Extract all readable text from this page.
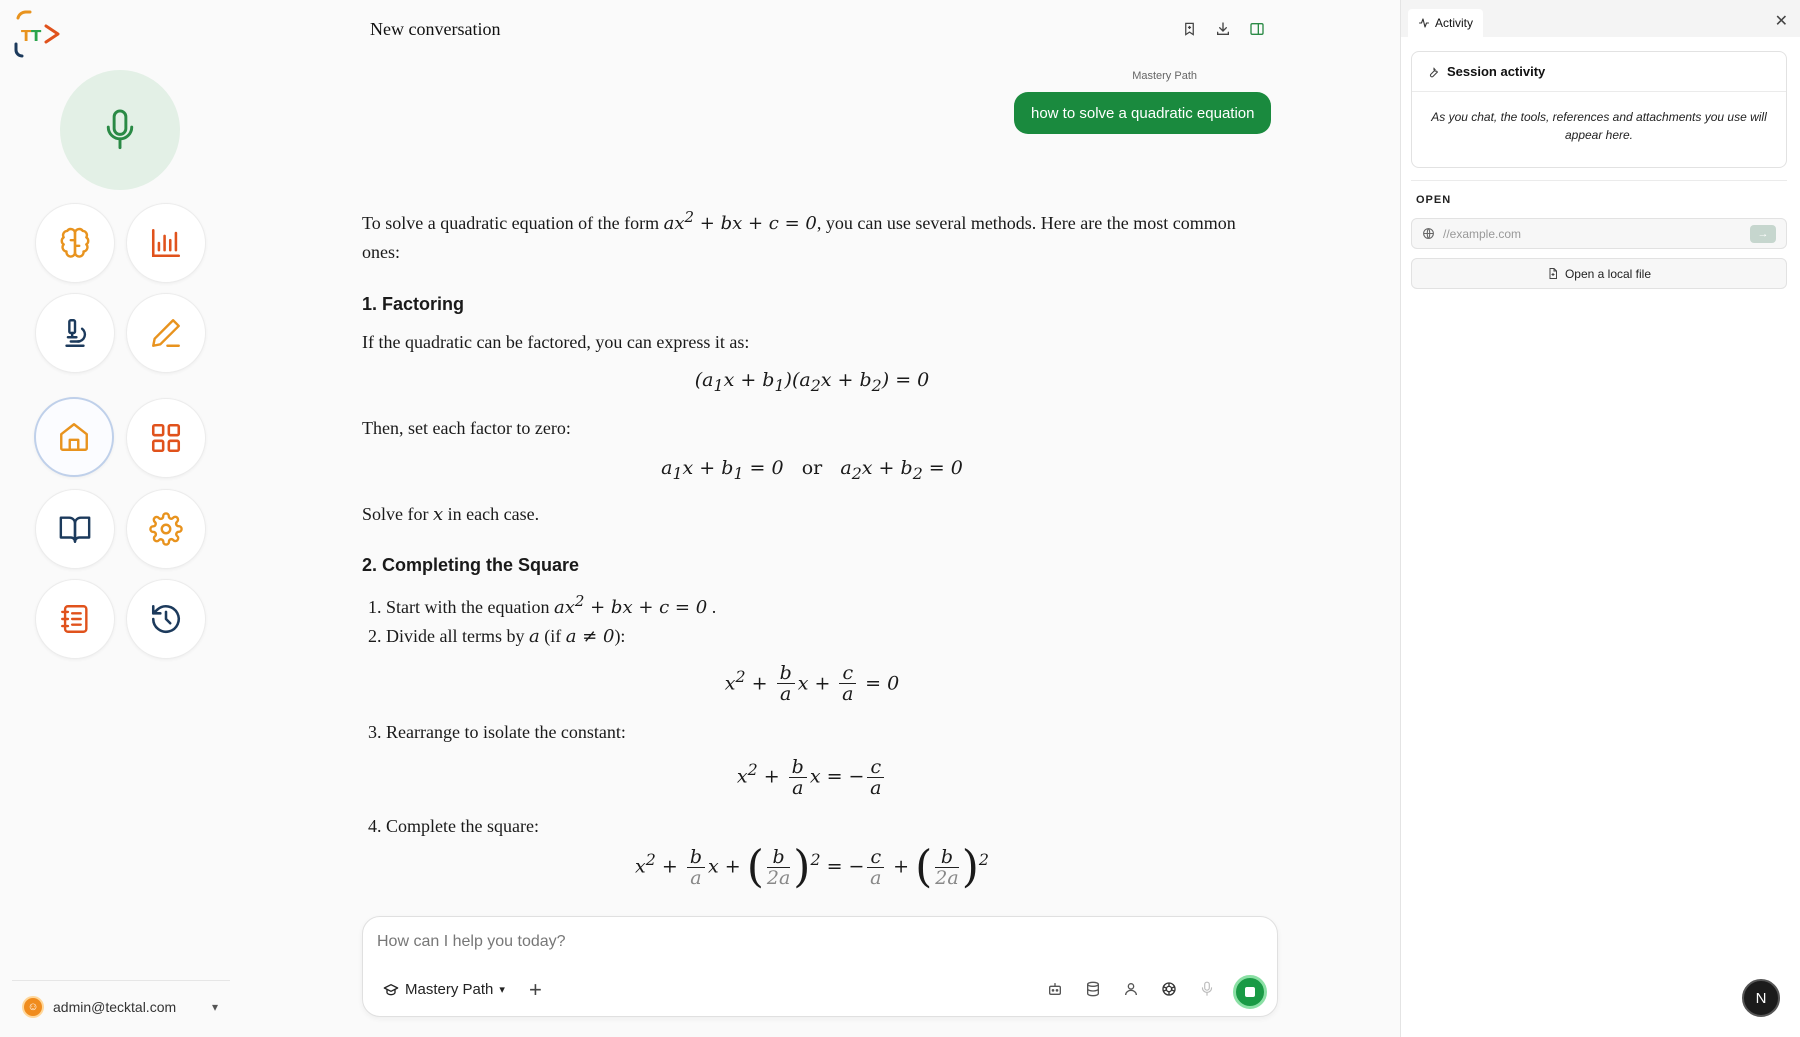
T T
☺	admin@tecktal.com	▾
New conversation
Mastery Path
how to solve a quadratic equation

To solve a quadratic equation of the form $ax^2$ + bx + c = 0, you can use several methods. Here are the most common ones:

1. Factoring

If the quadratic can be factored, you can express it as:

$(a_1x + b_1)(a_2x + b_2) = 0$

Then, set each factor to zero:

$a_1x + b_1 = 0$   or   $a_2x + b_2 = 0$

Solve for x in each case.

2. Completing the Square
1. Start with the equation $ax^2$ + bx + c = 0 .
2. Divide all terms by a (if a ≠ 0):
$x^2 + \frac{b}{a}$ $x + \frac{c}{a} = 0$
3. Rearrange to isolate the constant:
$x^2 + \frac{b}{a}$ x = − $\frac{c}{a}$
4. Complete the square:
$x^2 + \frac{b}{a}$ x + ( $\frac{b}{2a} )^2$ = − $\frac{c}{a}$ + ( $\frac{b}{2a} )^2$
How can I help you today?
Mastery Path ▾ +
Activity	✕
Session activity
As you chat, the tools, references and attachments you use will appear here.
OPEN
//example.com
→
Open a local file
N
